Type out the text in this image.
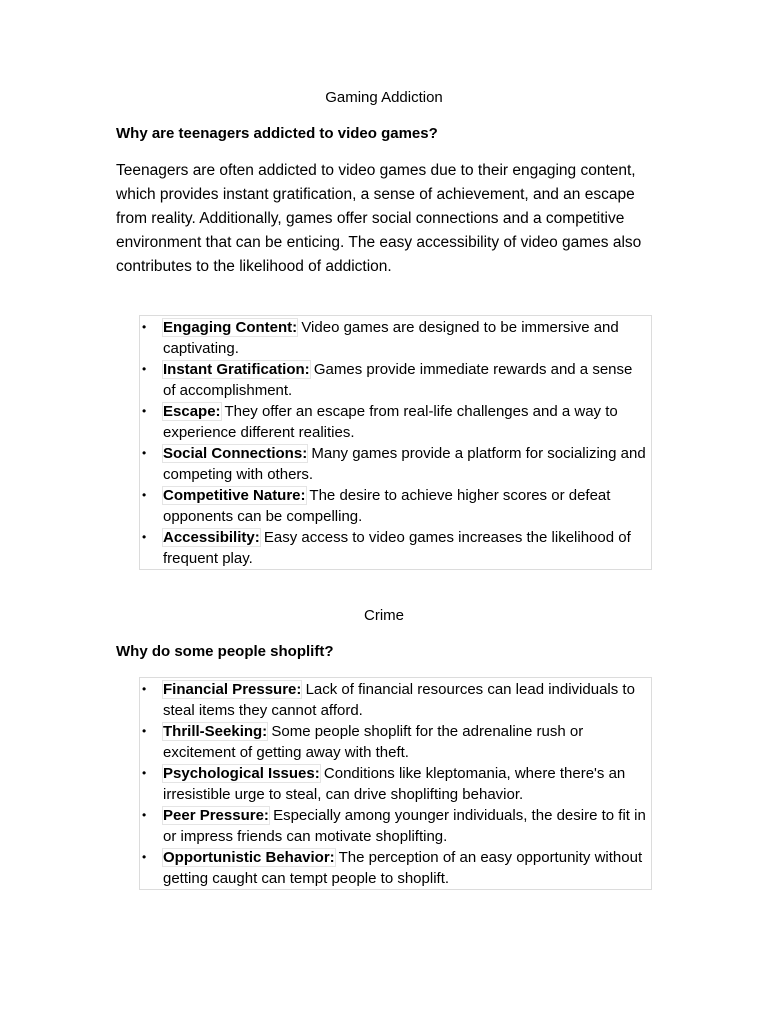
Gaming Addiction
Why are teenagers addicted to video games?
Teenagers are often addicted to video games due to their engaging content, which provides instant gratification, a sense of achievement, and an escape from reality. Additionally, games offer social connections and a competitive environment that can be enticing. The easy accessibility of video games also contributes to the likelihood of addiction.
• Engaging Content: Video games are designed to be immersive and captivating.
• Instant Gratification: Games provide immediate rewards and a sense of accomplishment.
• Escape: They offer an escape from real-life challenges and a way to experience different realities.
• Social Connections: Many games provide a platform for socializing and competing with others.
• Competitive Nature: The desire to achieve higher scores or defeat opponents can be compelling.
• Accessibility: Easy access to video games increases the likelihood of frequent play.
Crime
Why do some people shoplift?
• Financial Pressure: Lack of financial resources can lead individuals to steal items they cannot afford.
• Thrill-Seeking: Some people shoplift for the adrenaline rush or excitement of getting away with theft.
• Psychological Issues: Conditions like kleptomania, where there's an irresistible urge to steal, can drive shoplifting behavior.
• Peer Pressure: Especially among younger individuals, the desire to fit in or impress friends can motivate shoplifting.
• Opportunistic Behavior: The perception of an easy opportunity without getting caught can tempt people to shoplift.
